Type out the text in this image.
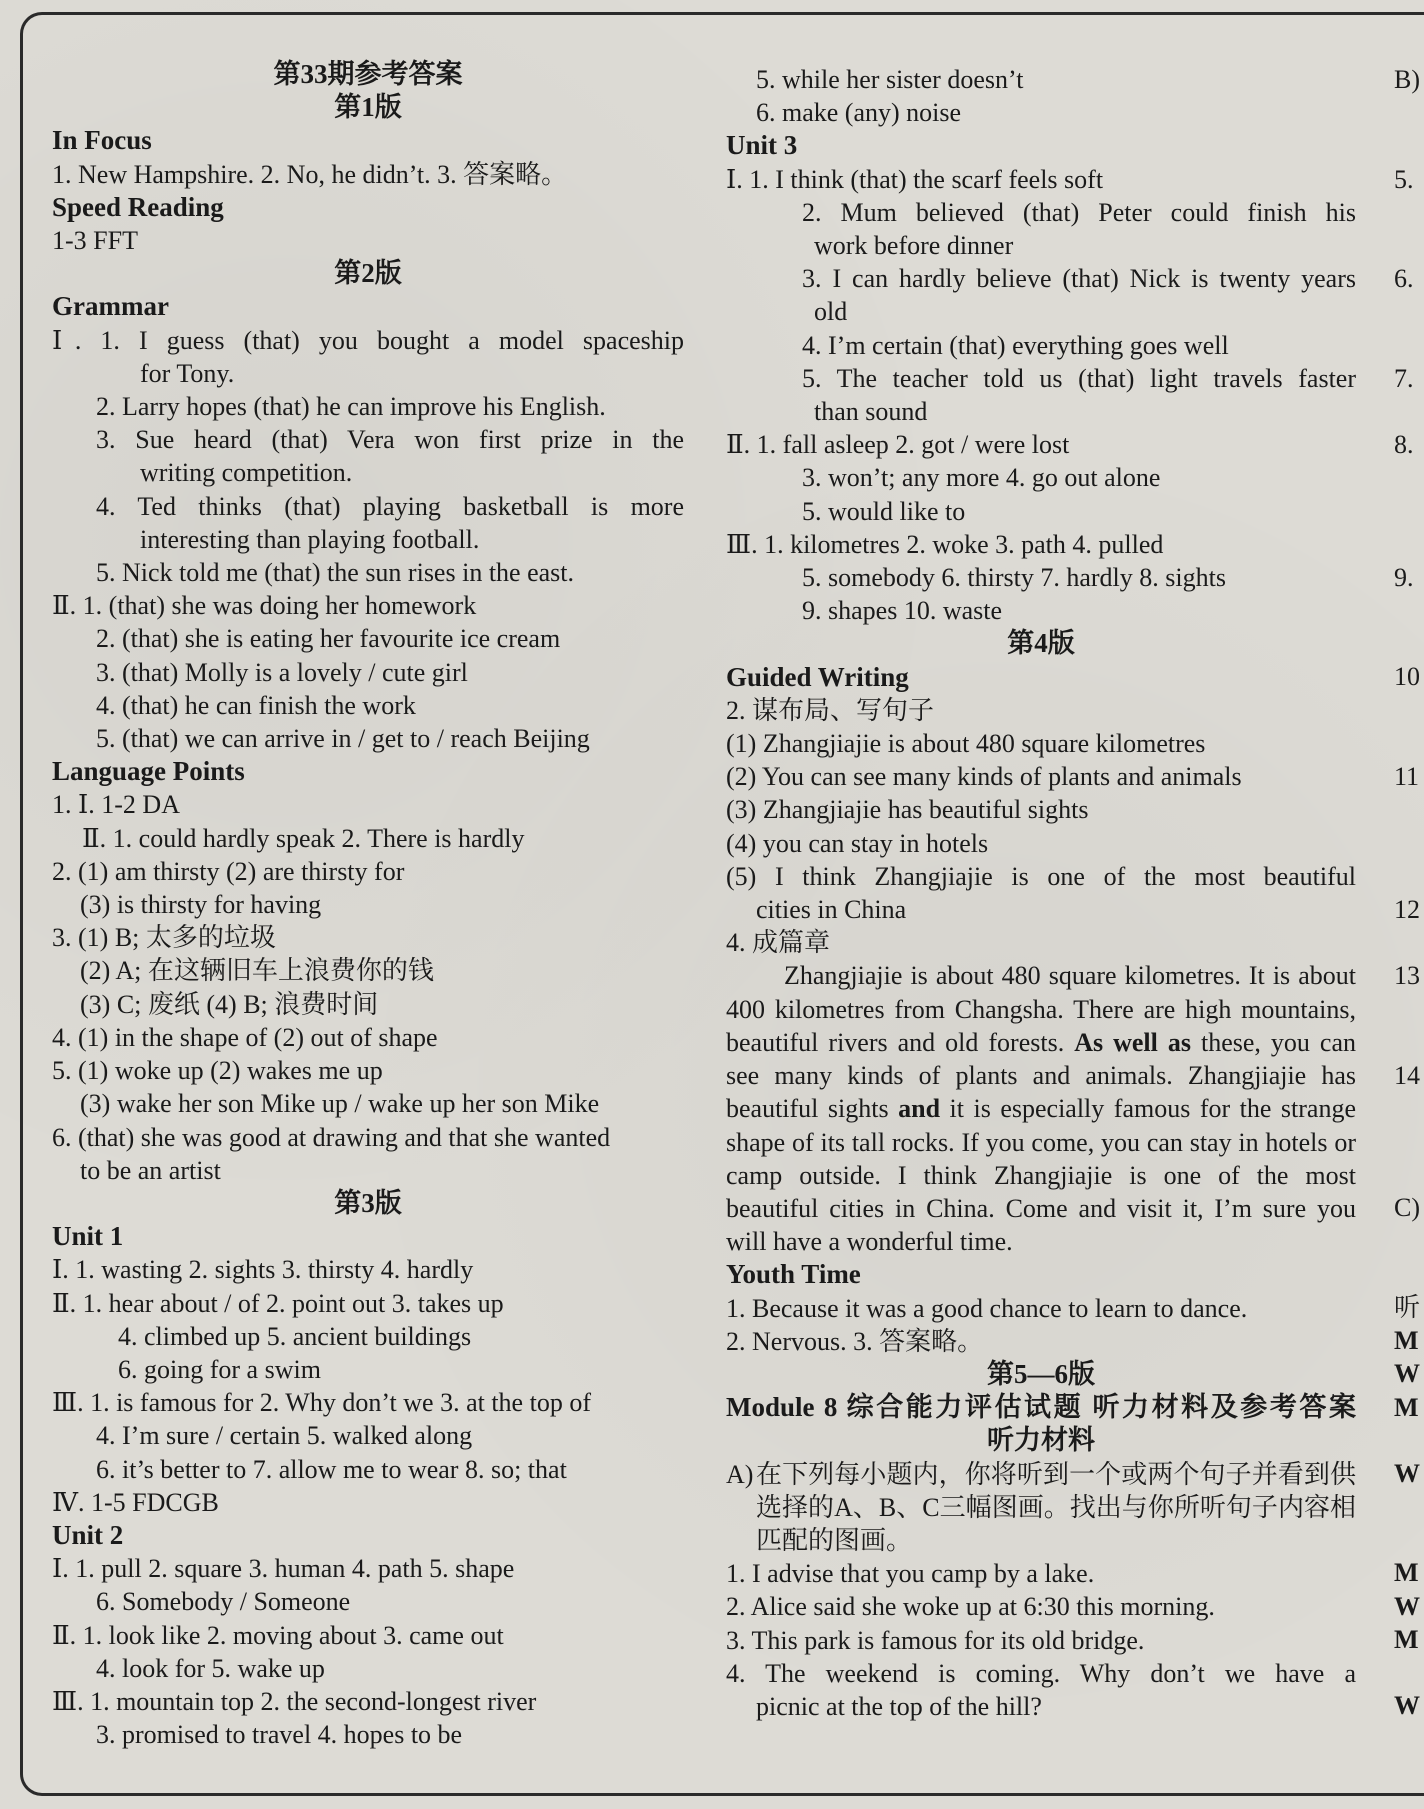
第33期参考答案
第1版
In Focus
1. New Hampshire. 2. No, he didn’t. 3. 答案略。
Speed Reading
1-3 FFT
第2版
Grammar
Ⅰ. 1. I guess (that) you bought a model spaceship
for Tony.
2. Larry hopes (that) he can improve his English.
3. Sue heard (that) Vera won first prize in the
writing competition.
4. Ted thinks (that) playing basketball is more
interesting than playing football.
5. Nick told me (that) the sun rises in the east.
Ⅱ. 1. (that) she was doing her homework
2. (that) she is eating her favourite ice cream
3. (that) Molly is a lovely / cute girl
4. (that) he can finish the work
5. (that) we can arrive in / get to / reach Beijing
Language Points
1. Ⅰ. 1-2 DA
Ⅱ. 1. could hardly speak 2. There is hardly
2. (1) am thirsty (2) are thirsty for
(3) is thirsty for having
3. (1) B; 太多的垃圾
(2) A; 在这辆旧车上浪费你的钱
(3) C; 废纸 (4) B; 浪费时间
4. (1) in the shape of (2) out of shape
5. (1) woke up (2) wakes me up
(3) wake her son Mike up / wake up her son Mike
6. (that) she was good at drawing and that she wanted
to be an artist
第3版
Unit 1
Ⅰ. 1. wasting 2. sights 3. thirsty 4. hardly
Ⅱ. 1. hear about / of 2. point out 3. takes up
4. climbed up 5. ancient buildings
6. going for a swim
Ⅲ. 1. is famous for 2. Why don’t we 3. at the top of
4. I’m sure / certain 5. walked along
6. it’s better to 7. allow me to wear 8. so; that
Ⅳ. 1-5 FDCGB
Unit 2
Ⅰ. 1. pull 2. square 3. human 4. path 5. shape
6. Somebody / Someone
Ⅱ. 1. look like 2. moving about 3. came out
4. look for 5. wake up
Ⅲ. 1. mountain top 2. the second-longest river
3. promised to travel 4. hopes to be
5. while her sister doesn’t
6. make (any) noise
Unit 3
Ⅰ. 1. I think (that) the scarf feels soft
2. Mum believed (that) Peter could finish his
work before dinner
3. I can hardly believe (that) Nick is twenty years
old
4. I’m certain (that) everything goes well
5. The teacher told us (that) light travels faster
than sound
Ⅱ. 1. fall asleep 2. got / were lost
3. won’t; any more 4. go out alone
5. would like to
Ⅲ. 1. kilometres 2. woke 3. path 4. pulled
5. somebody 6. thirsty 7. hardly 8. sights
9. shapes 10. waste
第4版
Guided Writing
2. 谋布局、写句子
(1) Zhangjiajie is about 480 square kilometres
(2) You can see many kinds of plants and animals
(3) Zhangjiajie has beautiful sights
(4) you can stay in hotels
(5) I think Zhangjiajie is one of the most beautiful
cities in China
4. 成篇章
Zhangjiajie is about 480 square kilometres. It is about 400 kilometres from Changsha. There are high mountains, beautiful rivers and old forests. As well as these, you can see many kinds of plants and animals. Zhangjiajie has beautiful sights and it is especially famous for the strange shape of its tall rocks. If you come, you can stay in hotels or camp outside. I think Zhangjiajie is one of the most beautiful cities in China. Come and visit it, I’m sure you will have a wonderful time.
Youth Time
1. Because it was a good chance to learn to dance.
2. Nervous. 3. 答案略。
第5—6版
Module 8 综合能力评估试题 听力材料及参考答案
听力材料
A) 在下列每小题内，你将听到一个或两个句子并看到供选择的A、B、C三幅图画。找出与你所听句子内容相匹配的图画。
1. I advise that you camp by a lake.
2. Alice said she woke up at 6:30 this morning.
3. This park is famous for its old bridge.
4. The weekend is coming. Why don’t we have a
picnic at the top of the hill?
B)
5.
6.
7.
8.
9.
10
11
12
13
14
C)
听
M
W
M
W
M
W
M
W
